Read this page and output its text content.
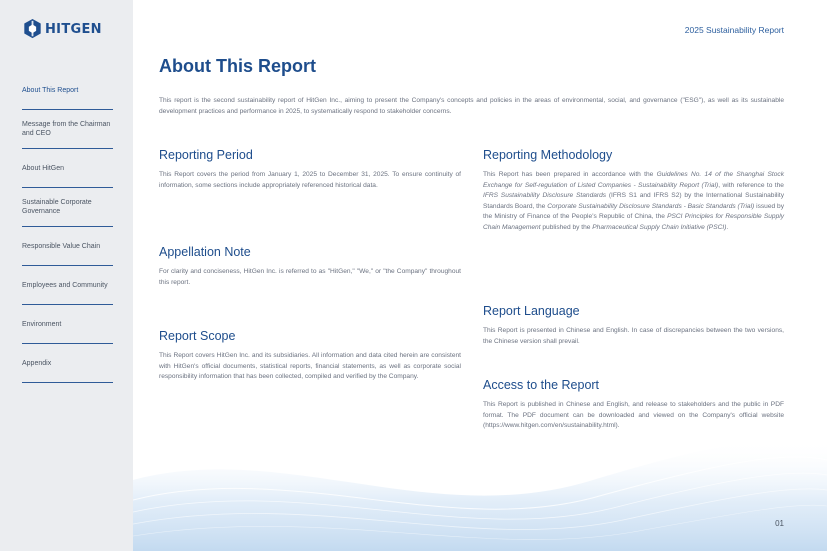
HITGEN
About This Report
Message from the Chairman and CEO
About HitGen
Sustainable Corporate Governance
Responsible Value Chain
Employees and Community
Environment
Appendix
2025 Sustainability Report
About This Report

This report is the second sustainability report of HitGen Inc., aiming to present the Company's concepts and policies in the areas of environmental, social, and governance ("ESG"), as well as its sustainable development practices and performance in 2025, to systematically respond to stakeholder concerns.

Reporting Period

This Report covers the period from January 1, 2025 to December 31, 2025. To ensure continuity of information, some sections include appropriately referenced historical data.

Appellation Note

For clarity and conciseness, HitGen Inc. is referred to as "HitGen," "We," or "the Company" throughout this report.

Report Scope

This Report covers HitGen Inc. and its subsidiaries. All information and data cited herein are consistent with HitGen's official documents, statistical reports, financial statements, as well as corporate social responsibility information that has been collected, compiled and verified by the Company.

Reporting Methodology

This Report has been prepared in accordance with the Guidelines No. 14 of the Shanghai Stock Exchange for Self-regulation of Listed Companies - Sustainability Report (Trial), with reference to the IFRS Sustainability Disclosure Standards (IFRS S1 and IFRS S2) by the International Sustainability Standards Board, the Corporate Sustainability Disclosure Standards - Basic Standards (Trial) issued by the Ministry of Finance of the People's Republic of China, the PSCI Principles for Responsible Supply Chain Management published by the Pharmaceutical Supply Chain Initiative (PSCI).

Report Language

This Report is presented in Chinese and English. In case of discrepancies between the two versions, the Chinese version shall prevail.

Access to the Report

This Report is published in Chinese and English, and release to stakeholders and the public in PDF format. The PDF document can be downloaded and viewed on the Company's official website (https://www.hitgen.com/en/sustainability.html).

01
